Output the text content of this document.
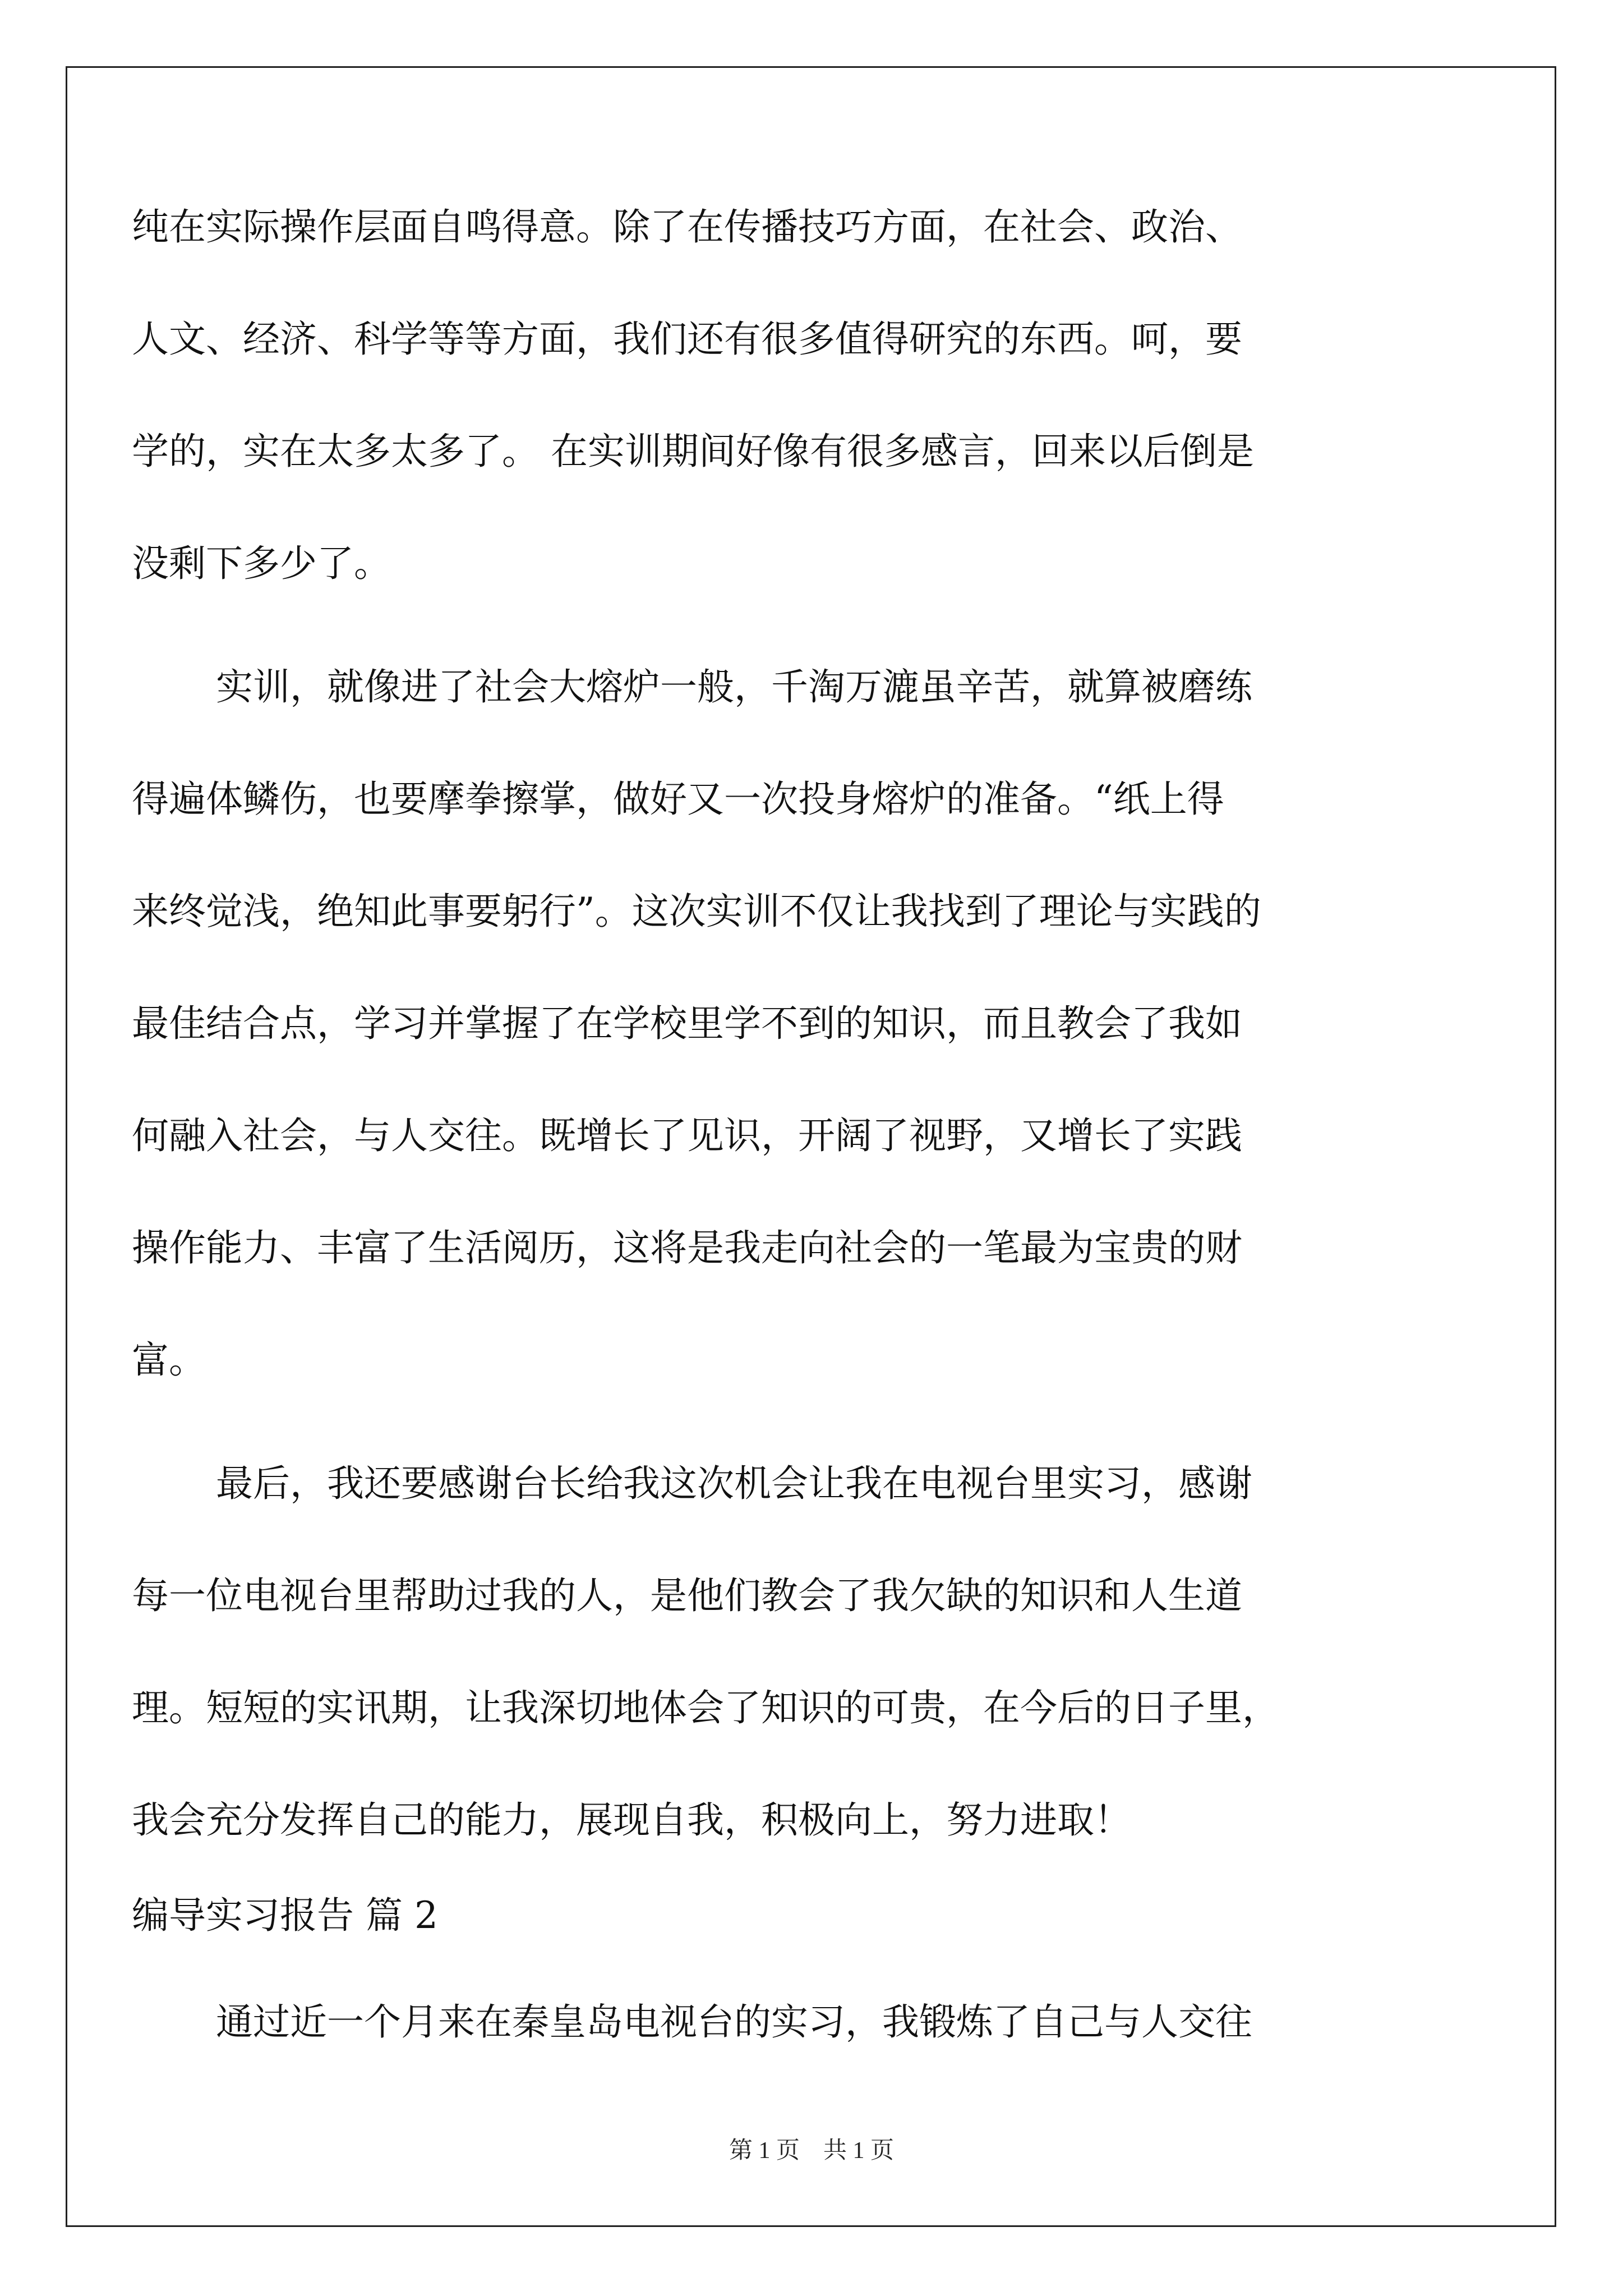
纯在实际操作层面自鸣得意。除了在传播技巧方面，在社会、政治、
人文、经济、科学等等方面，我们还有很多值得研究的东西。呵，要
学的，实在太多太多了。 在实训期间好像有很多感言，回来以后倒是
没剩下多少了。
实训，就像进了社会大熔炉一般，千淘万漉虽辛苦，就算被磨练
得遍体鳞伤，也要摩拳擦掌，做好又一次投身熔炉的准备。“纸上得
来终觉浅，绝知此事要躬行”。这次实训不仅让我找到了理论与实践的
最佳结合点，学习并掌握了在学校里学不到的知识，而且教会了我如
何融入社会，与人交往。既增长了见识，开阔了视野，又增长了实践
操作能力、丰富了生活阅历，这将是我走向社会的一笔最为宝贵的财
富。
最后，我还要感谢台长给我这次机会让我在电视台里实习，感谢
每一位电视台里帮助过我的人，是他们教会了我欠缺的知识和人生道
理。短短的实讯期，让我深切地体会了知识的可贵，在今后的日子里，
我会充分发挥自己的能力，展现自我，积极向上，努力进取！
编导实习报告 篇 2
通过近一个月来在秦皇岛电视台的实习，我锻炼了自己与人交往
第 1 页　共 1 页
